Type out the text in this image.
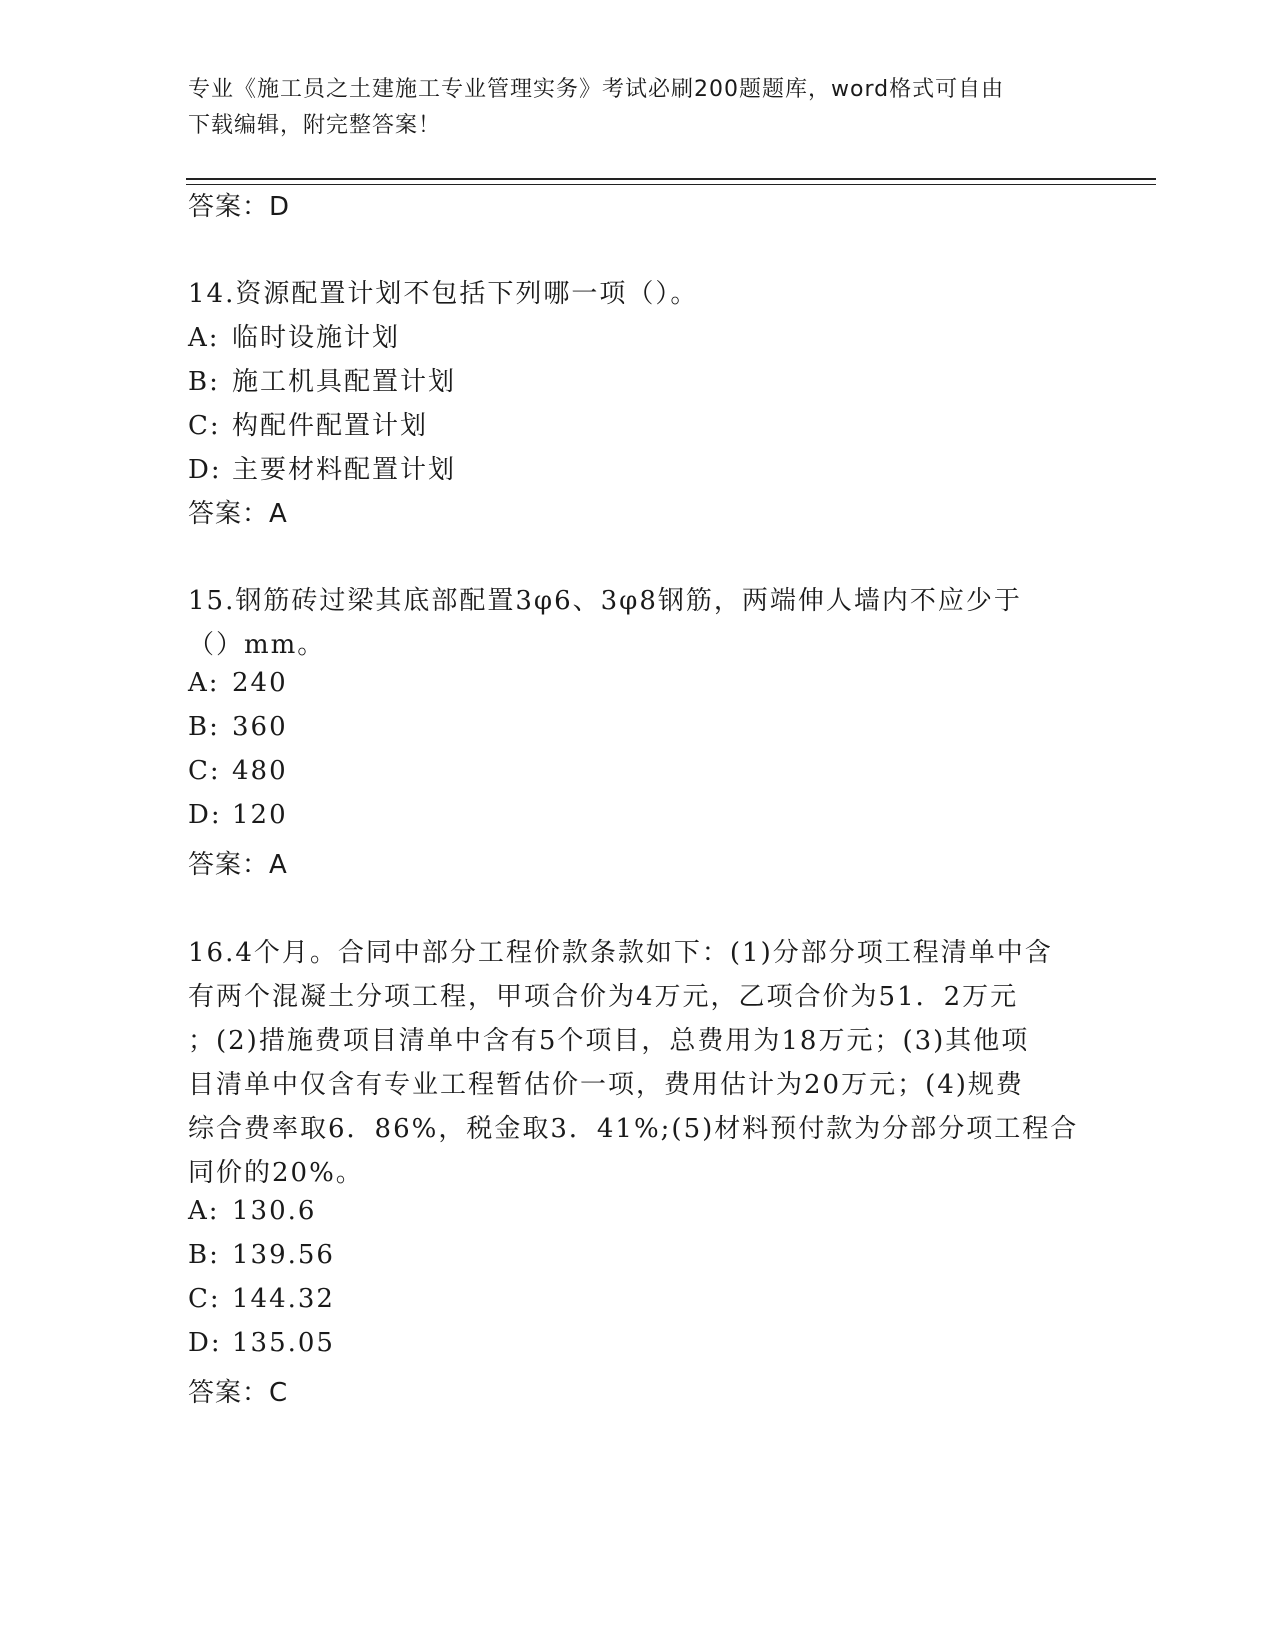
专业《施工员之土建施工专业管理实务》考试必刷200题题库，word格式可自由
下载编辑，附完整答案！
答案：D
14.资源配置计划不包括下列哪一项（）。
A: 临时设施计划
B: 施工机具配置计划
C: 构配件配置计划
D: 主要材料配置计划
答案：A
15.钢筋砖过梁其底部配置3φ6、3φ8钢筋，两端伸人墙内不应少于
（）mm。
A: 240
B: 360
C: 480
D: 120
答案：A
16.4个月。合同中部分工程价款条款如下：(1)分部分项工程清单中含
有两个混凝土分项工程，甲项合价为4万元，乙项合价为51．2万元
；(2)措施费项目清单中含有5个项目，总费用为18万元；(3)其他项
目清单中仅含有专业工程暂估价一项，费用估计为20万元；(4)规费
综合费率取6．86%，税金取3．41%;(5)材料预付款为分部分项工程合
同价的20%。
A: 130.6
B: 139.56
C: 144.32
D: 135.05
答案：C
